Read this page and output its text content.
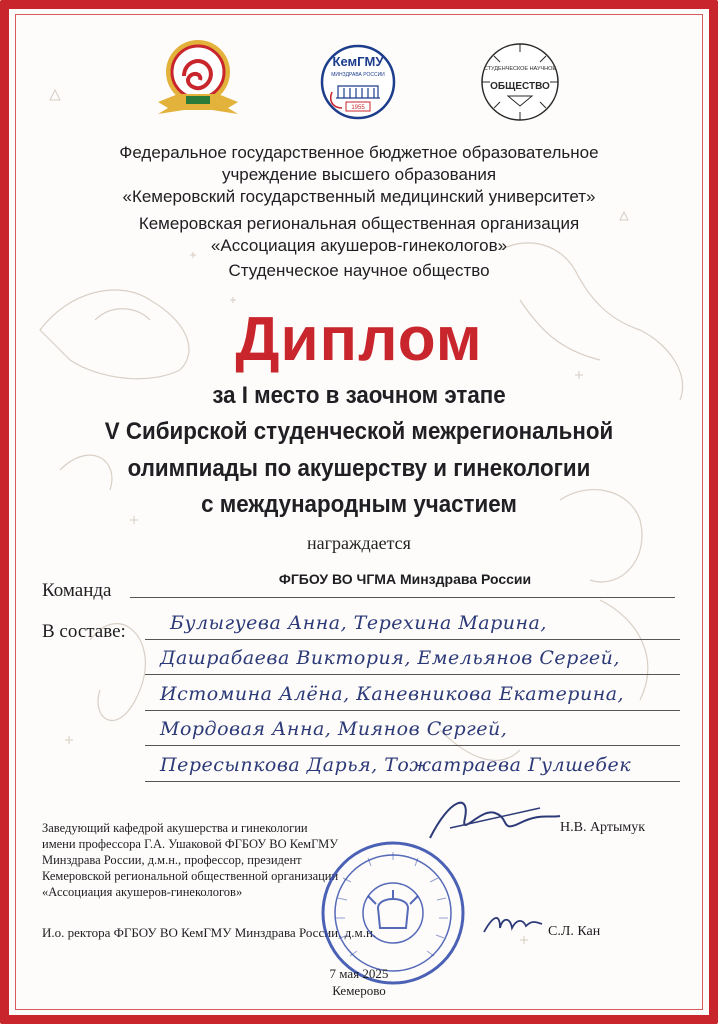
КемГМУ
МИНЗДРАВА РОССИИ
1955
СТУДЕНЧЕСКОЕ НАУЧНОЕ
ОБЩЕСТВО
Федеральное государственное бюджетное образовательное
учреждение высшего образования
«Кемеровский государственный медицинский университет»
Кемеровская региональная общественная организация
«Ассоциация акушеров-гинекологов»
Студенческое научное общество
Диплом
за I место в заочном этапе
V Сибирской студенческой межрегиональной
олимпиады по акушерству и гинекологии
с международным участием
награждается
Команда
ФГБОУ ВО ЧГМА Минздрава России
В составе: Булыгуева Анна, Терехина Марина,
Дашрабаева Виктория, Емельянов Сергей,
Истомина Алёна, Каневникова Екатерина,
Мордовая Анна, Миянов Сергей,
Пересыпкова Дарья, Тожатраева Гулшебек
Заведующий кафедрой акушерства и гинекологии
имени профессора Г.А. Ушаковой ФГБОУ ВО КемГМУ
Минздрава России, д.м.н., профессор, президент
Кемеровской региональной общественной организации
«Ассоциация акушеров-гинекологов»
Н.В. Артымук
И.о. ректора ФГБОУ ВО КемГМУ Минздрава России, д.м.н.	С.Л. Кан
7 мая 2025
Кемерово
